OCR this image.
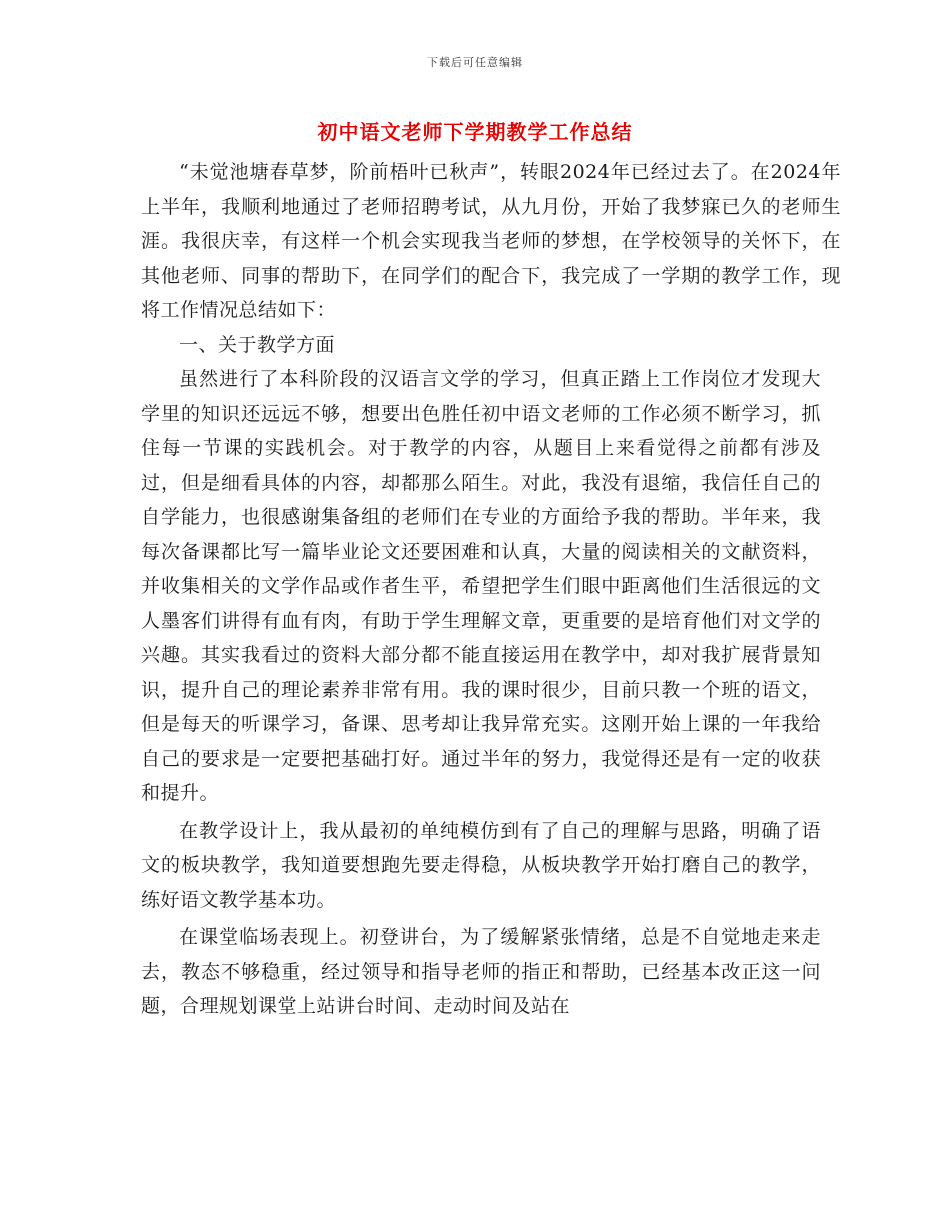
下载后可任意编辑
初中语文老师下学期教学工作总结

“未觉池塘春草梦，阶前梧叶已秋声”，转眼2024年已经过去了。在2024年上半年，我顺利地通过了老师招聘考试，从九月份，开始了我梦寐已久的老师生涯。我很庆幸，有这样一个机会实现我当老师的梦想，在学校领导的关怀下，在其他老师、同事的帮助下，在同学们的配合下，我完成了一学期的教学工作，现将工作情况总结如下：

一、关于教学方面

虽然进行了本科阶段的汉语言文学的学习，但真正踏上工作岗位才发现大学里的知识还远远不够，想要出色胜任初中语文老师的工作必须不断学习，抓住每一节课的实践机会。对于教学的内容，从题目上来看觉得之前都有涉及过，但是细看具体的内容，却都那么陌生。对此，我没有退缩，我信任自己的自学能力，也很感谢集备组的老师们在专业的方面给予我的帮助。半年来，我每次备课都比写一篇毕业论文还要困难和认真，大量的阅读相关的文献资料，并收集相关的文学作品或作者生平，希望把学生们眼中距离他们生活很远的文人墨客们讲得有血有肉，有助于学生理解文章，更重要的是培育他们对文学的兴趣。其实我看过的资料大部分都不能直接运用在教学中，却对我扩展背景知识，提升自己的理论素养非常有用。我的课时很少，目前只教一个班的语文，但是每天的听课学习，备课、思考却让我异常充实。这刚开始上课的一年我给自己的要求是一定要把基础打好。通过半年的努力，我觉得还是有一定的收获和提升。

在教学设计上，我从最初的单纯模仿到有了自己的理解与思路，明确了语文的板块教学，我知道要想跑先要走得稳，从板块教学开始打磨自己的教学，练好语文教学基本功。

在课堂临场表现上。初登讲台，为了缓解紧张情绪，总是不自觉地走来走去，教态不够稳重，经过领导和指导老师的指正和帮助，已经基本改正这一问题，合理规划课堂上站讲台时间、走动时间及站在
